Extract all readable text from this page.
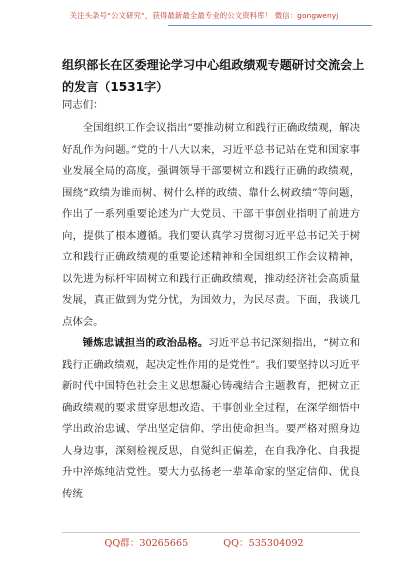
关注头条号“公文研究”，获得最新最全最专业的公文资料库！ 微信：gongwenyj
组织部长在区委理论学习中心组政绩观专题研讨交流会上的发言（1531字）

同志们：

全国组织工作会议指出“要推动树立和践行正确政绩观，解决好乱作为问题。”党的十八大以来，习近平总书记站在党和国家事业发展全局的高度，强调领导干部要树立和践行正确的政绩观，围绕“政绩为谁而树、树什么样的政绩、靠什么树政绩”等问题，作出了一系列重要论述为广大党员、干部干事创业指明了前进方向，提供了根本遵循。我们要认真学习贯彻习近平总书记关于树立和践行正确政绩观的重要论述精神和全国组织工作会议精神，以先进为标杆牢固树立和践行正确政绩观，推动经济社会高质量发展，真正做到为党分忧，为国效力，为民尽责。下面，我谈几点体会。

锤炼忠诚担当的政治品格。习近平总书记深刻指出，“树立和践行正确政绩观，起决定性作用的是党性”。我们要坚持以习近平新时代中国特色社会主义思想凝心铸魂结合主题教育，把树立正确政绩观的要求贯穿思想改造、干事创业全过程，在深学细悟中学出政治忠诚、学出坚定信仰、学出使命担当。要严格对照身边人身边事，深刻检视反思，自觉纠正偏差，在自我净化、自我提升中淬炼纯洁党性。要大力弘扬老一辈革命家的坚定信仰、优良传统

QQ群：30265665	QQ：535304092
